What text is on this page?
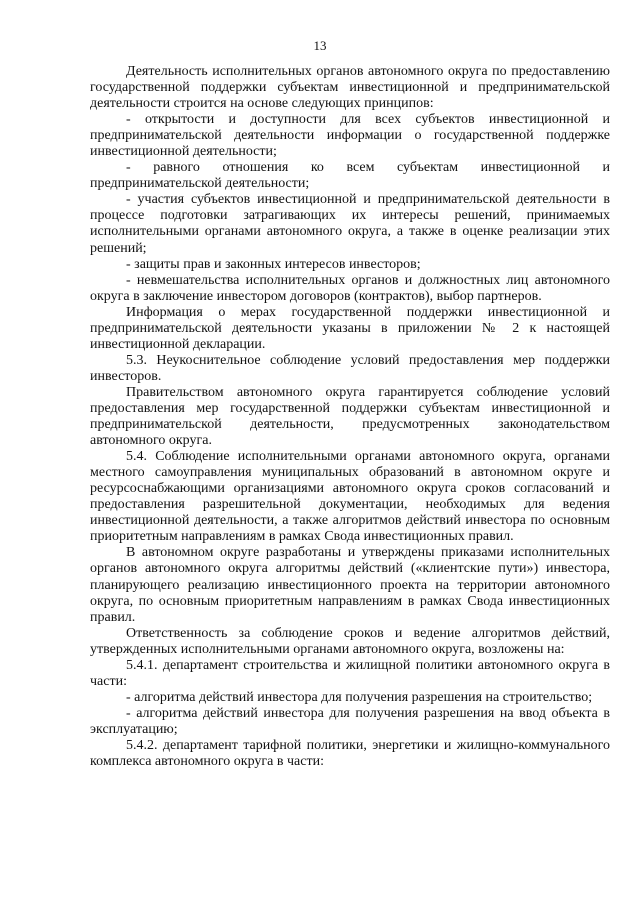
13

Деятельность исполнительных органов автономного округа по предоставлению государственной поддержки субъектам инвестиционной и предпринимательской деятельности строится на основе следующих принципов:

- открытости и доступности для всех субъектов инвестиционной и предпринимательской деятельности информации о государственной поддержке инвестиционной деятельности;

- равного отношения ко всем субъектам инвестиционной и предпринимательской деятельности;

- участия субъектов инвестиционной и предпринимательской деятельности в процессе подготовки затрагивающих их интересы решений, принимаемых исполнительными органами автономного округа, а также в оценке реализации этих решений;

- защиты прав и законных интересов инвесторов;

- невмешательства исполнительных органов и должностных лиц автономного округа в заключение инвестором договоров (контрактов), выбор партнеров.

Информация о мерах государственной поддержки инвестиционной и предпринимательской деятельности указаны в приложении № 2 к настоящей инвестиционной декларации.

5.3. Неукоснительное соблюдение условий предоставления мер поддержки инвесторов.

Правительством автономного округа гарантируется соблюдение условий предоставления мер государственной поддержки субъектам инвестиционной и предпринимательской деятельности, предусмотренных законодательством автономного округа.

5.4. Соблюдение исполнительными органами автономного округа, органами местного самоуправления муниципальных образований в автономном округе и ресурсоснабжающими организациями автономного округа сроков согласований и предоставления разрешительной документации, необходимых для ведения инвестиционной деятельности, а также алгоритмов действий инвестора по основным приоритетным направлениям в рамках Свода инвестиционных правил.

В автономном округе разработаны и утверждены приказами исполнительных органов автономного округа алгоритмы действий («клиентские пути») инвестора, планирующего реализацию инвестиционного проекта на территории автономного округа, по основным приоритетным направлениям в рамках Свода инвестиционных правил.

Ответственность за соблюдение сроков и ведение алгоритмов действий, утвержденных исполнительными органами автономного округа, возложены на:

5.4.1. департамент строительства и жилищной политики автономного округа в части:

- алгоритма действий инвестора для получения разрешения на строительство;

- алгоритма действий инвестора для получения разрешения на ввод объекта в эксплуатацию;

5.4.2. департамент тарифной политики, энергетики и жилищно-коммунального комплекса автономного округа в части:
